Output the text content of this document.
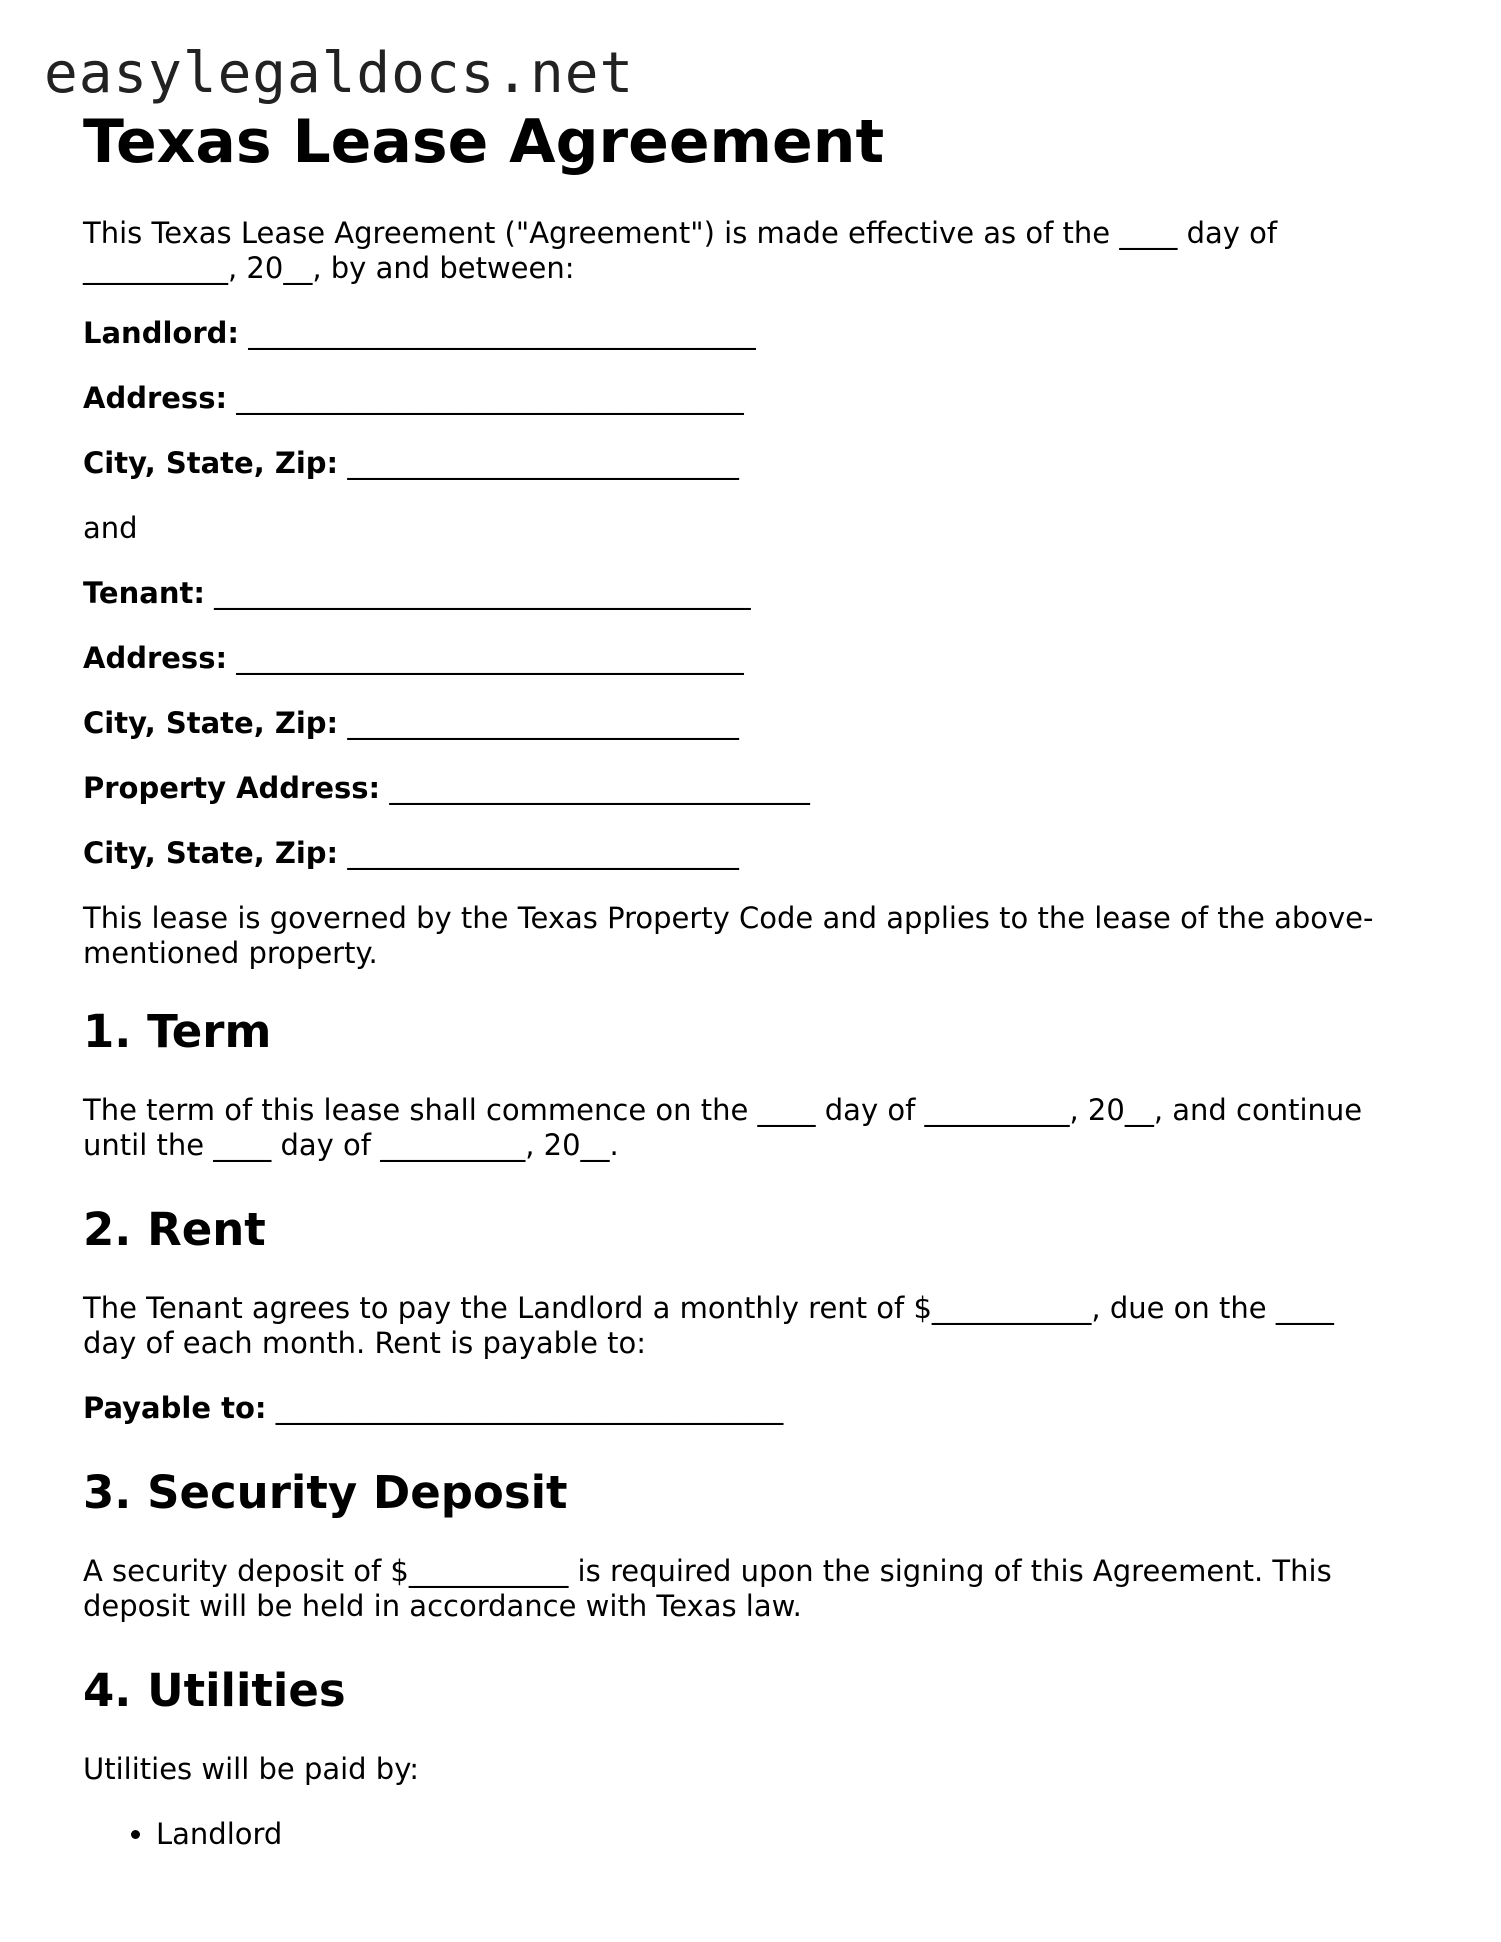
easylegaldocs.net
Texas Lease Agreement

This Texas Lease Agreement ("Agreement") is made effective as of the ____ day of
__________, 20__, by and between:

Landlord: ___________________________________

Address: ___________________________________

City, State, Zip: ___________________________

and

Tenant: _____________________________________

Address: ___________________________________

City, State, Zip: ___________________________

Property Address: _____________________________

City, State, Zip: ___________________________

This lease is governed by the Texas Property Code and applies to the lease of the above-
mentioned property.

1. Term

The term of this lease shall commence on the ____ day of __________, 20__, and continue
until the ____ day of __________, 20__.

2. Rent

The Tenant agrees to pay the Landlord a monthly rent of $___________, due on the ____
day of each month. Rent is payable to:

Payable to: ___________________________________

3. Security Deposit

A security deposit of $___________ is required upon the signing of this Agreement. This
deposit will be held in accordance with Texas law.

4. Utilities

Utilities will be paid by:

• Landlord
